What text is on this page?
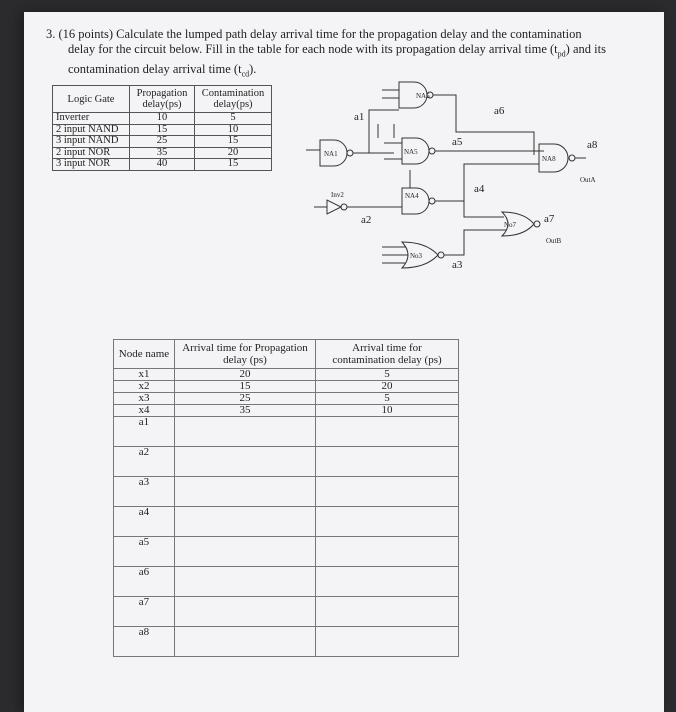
3. (16 points) Calculate the lumped path delay arrival time for the propagation delay and the contamination

delay for the circuit below. Fill in the table for each node with its propagation delay arrival time $(t_{pd})$ and its

contamination delay arrival time $(t_{cd})$.

Logic Gate	Propagation delay(ps)	Contamination delay(ps)
Inverter	10	5
2 input NAND	15	10
3 input NAND	25	15
2 input NOR	35	20
3 input NOR	40	15
NA6
NA1	NA5
NA8
Inv2	NA4
No7
No3
a1
a2
a3
a4
a5
a6
a7
a8
OutA
OutB
Node name	Arrival time for Propagation delay (ps)	Arrival time for contamination delay (ps)
x1	20	5
x2	15	20
x3	25	5
x4	35	10
a1		
a2		
a3		
a4		
a5		
a6		
a7		
a8		
